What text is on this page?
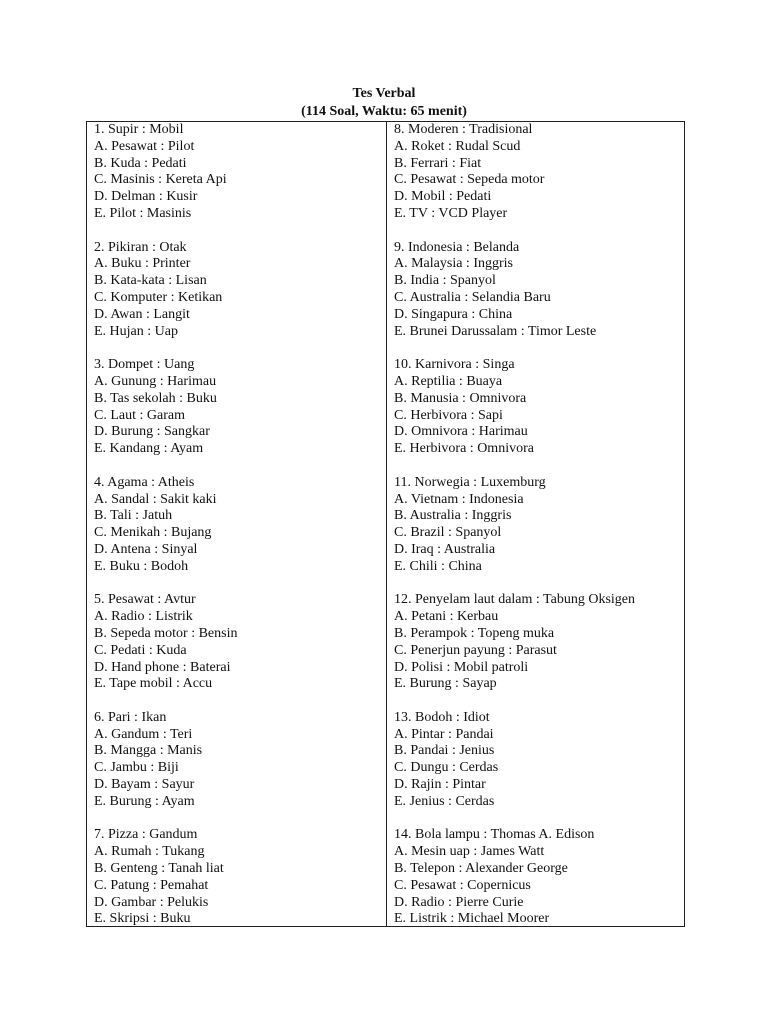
Tes Verbal
(114 Soal, Waktu: 65 menit)
1. Supir : Mobil
A. Pesawat : Pilot
B. Kuda : Pedati
C. Masinis : Kereta Api
D. Delman : Kusir
E. Pilot : Masinis
2. Pikiran : Otak
A. Buku : Printer
B. Kata-kata : Lisan
C. Komputer : Ketikan
D. Awan : Langit
E. Hujan : Uap
3. Dompet : Uang
A. Gunung : Harimau
B. Tas sekolah : Buku
C. Laut : Garam
D. Burung : Sangkar
E. Kandang : Ayam
4. Agama : Atheis
A. Sandal : Sakit kaki
B. Tali : Jatuh
C. Menikah : Bujang
D. Antena : Sinyal
E. Buku : Bodoh
5. Pesawat : Avtur
A. Radio : Listrik
B. Sepeda motor : Bensin
C. Pedati : Kuda
D. Hand phone : Baterai
E. Tape mobil : Accu
6. Pari : Ikan
A. Gandum : Teri
B. Mangga : Manis
C. Jambu : Biji
D. Bayam : Sayur
E. Burung : Ayam
7. Pizza : Gandum
A. Rumah : Tukang
B. Genteng : Tanah liat
C. Patung : Pemahat
D. Gambar : Pelukis
E. Skripsi : Buku
8. Moderen : Tradisional
A. Roket : Rudal Scud
B. Ferrari : Fiat
C. Pesawat : Sepeda motor
D. Mobil : Pedati
E. TV : VCD Player
9. Indonesia : Belanda
A. Malaysia : Inggris
B. India : Spanyol
C. Australia : Selandia Baru
D. Singapura : China
E. Brunei Darussalam : Timor Leste
10. Karnivora : Singa
A. Reptilia : Buaya
B. Manusia : Omnivora
C. Herbivora : Sapi
D. Omnivora : Harimau
E. Herbivora : Omnivora
11. Norwegia : Luxemburg
A. Vietnam : Indonesia
B. Australia : Inggris
C. Brazil : Spanyol
D. Iraq : Australia
E. Chili : China
12. Penyelam laut dalam : Tabung Oksigen
A. Petani : Kerbau
B. Perampok : Topeng muka
C. Penerjun payung : Parasut
D. Polisi : Mobil patroli
E. Burung : Sayap
13. Bodoh : Idiot
A. Pintar : Pandai
B. Pandai : Jenius
C. Dungu : Cerdas
D. Rajin : Pintar
E. Jenius : Cerdas
14. Bola lampu : Thomas A. Edison
A. Mesin uap : James Watt
B. Telepon : Alexander George
C. Pesawat : Copernicus
D. Radio : Pierre Curie
E. Listrik : Michael Moorer
